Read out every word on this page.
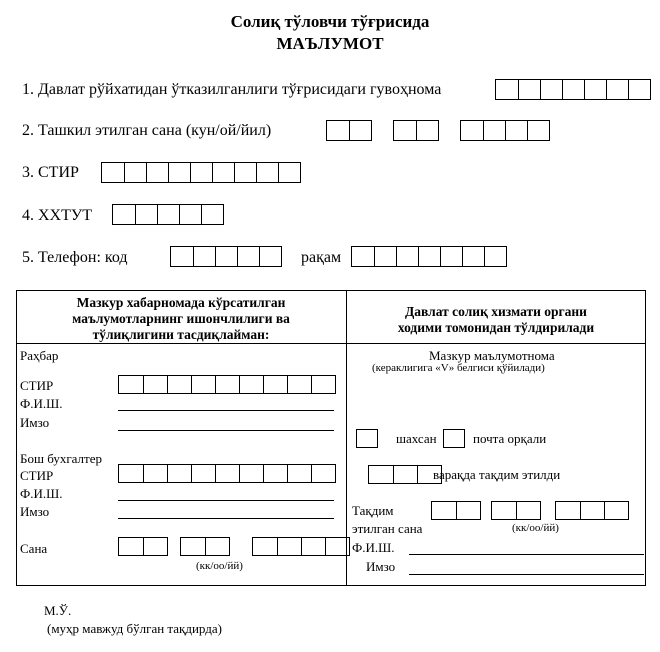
Солиқ тўловчи тўғрисида
МАЪЛУМОТ
1. Давлат рўйхатидан ўтказилганлиги тўғрисидаги гувоҳнома
2. Ташкил этилган сана (кун/ой/йил)
3. СТИР
4. ХХТУТ
5. Телефон: код	рақам
Мазкур хабарномада кўрсатилган
маълумотларнинг ишончлилиги ва
тўлиқлигини тасдиқлайман:
Давлат солиқ хизмати органи
ходими томонидан тўлдирилади
Раҳбар
СТИР
Ф.И.Ш.
Имзо
Бош бухгалтер
СТИР
Ф.И.Ш.
Имзо
Сана
(кк/оо/йй)
Мазкур маълумотнома
(кераклигига «V» белгиси қўйилади)
шахсан	почта орқали
варақда тақдим этилди
Тақдим
этилган сана	(кк/оо/йй)
Ф.И.Ш.
Имзо
М.Ў.
(муҳр мавжуд бўлган тақдирда)
